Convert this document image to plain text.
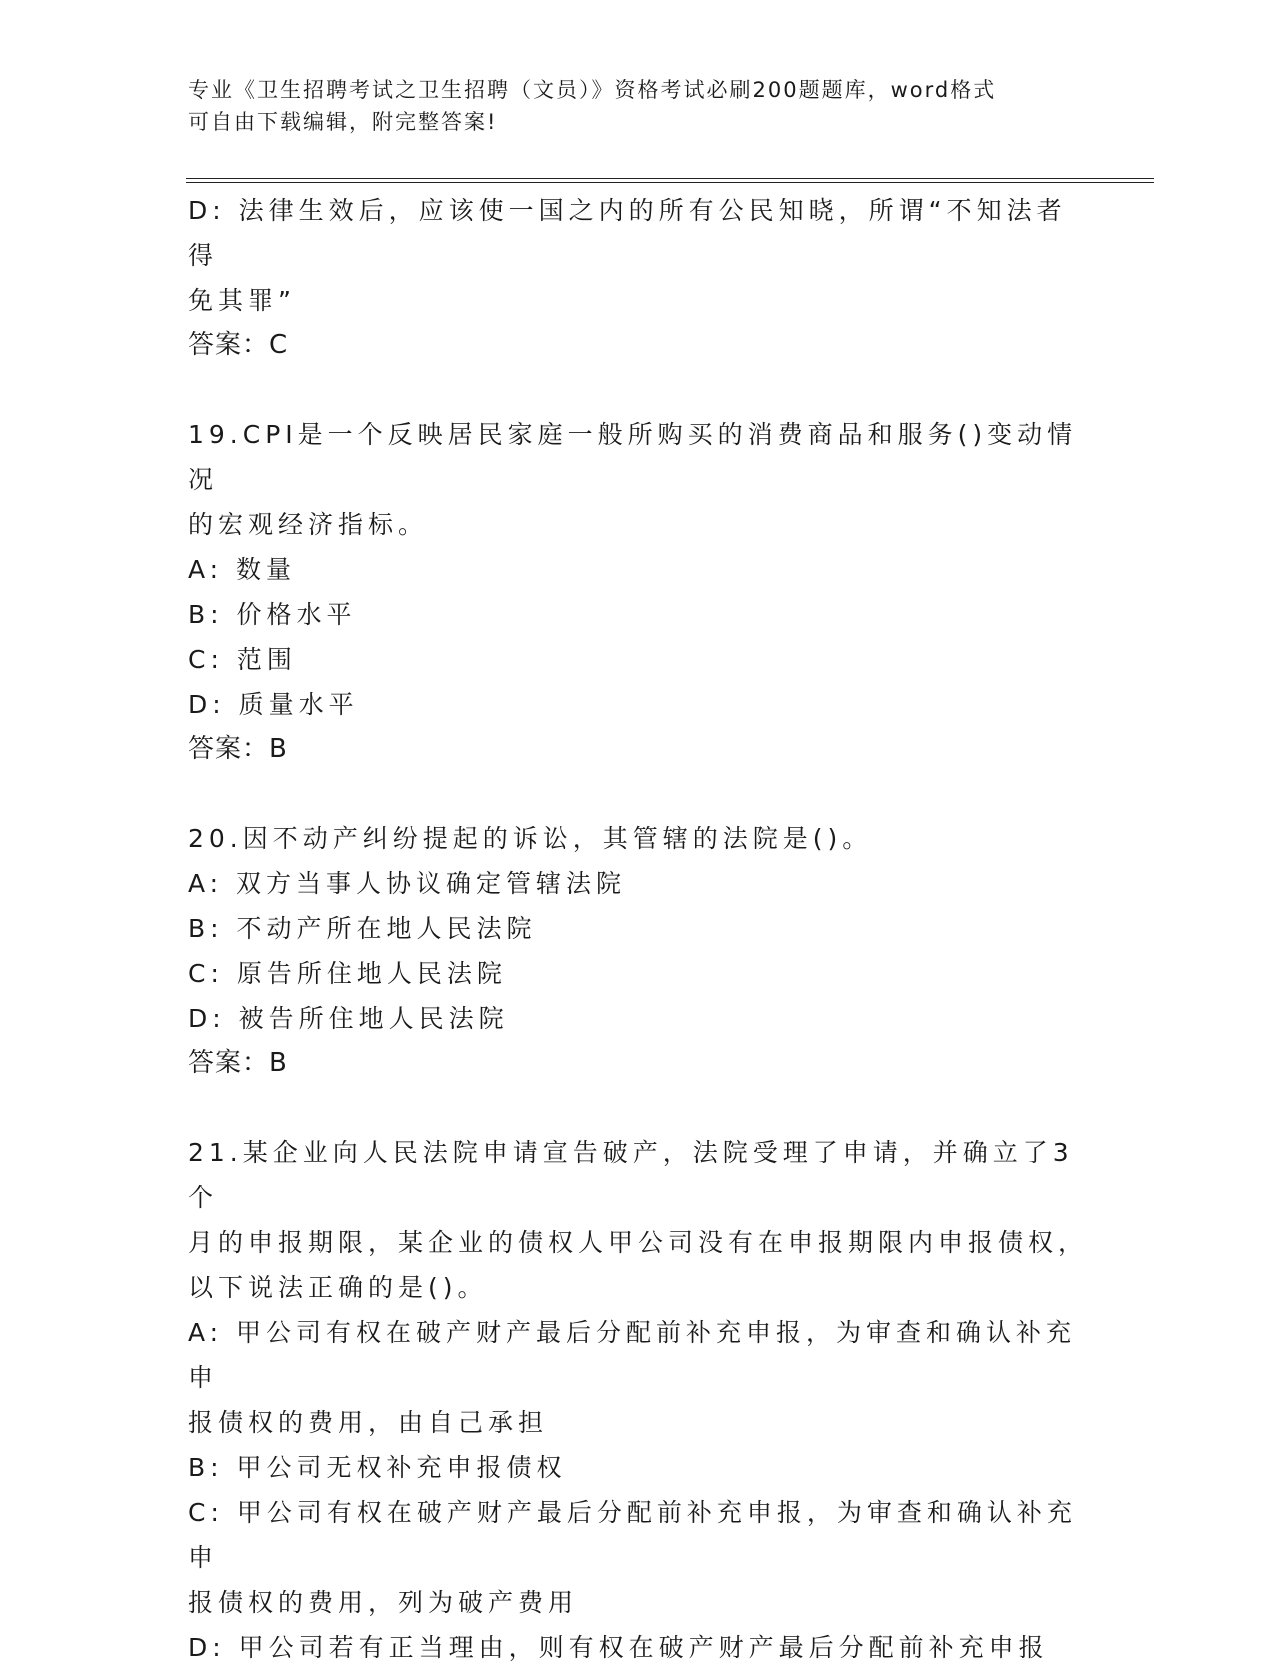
专业《卫生招聘考试之卫生招聘（文员）》资格考试必刷200题题库，word格式
可自由下载编辑，附完整答案!
D: 法律生效后，应该使一国之内的所有公民知晓，所谓“不知法者得
免其罪”
答案：C
19.CPI是一个反映居民家庭一般所购买的消费商品和服务()变动情况
的宏观经济指标。
A: 数量
B: 价格水平
C: 范围
D: 质量水平
答案：B
20.因不动产纠纷提起的诉讼，其管辖的法院是()。
A: 双方当事人协议确定管辖法院
B: 不动产所在地人民法院
C: 原告所住地人民法院
D: 被告所住地人民法院
答案：B
21.某企业向人民法院申请宣告破产，法院受理了申请，并确立了3个
月的申报期限，某企业的债权人甲公司没有在申报期限内申报债权，
以下说法正确的是()。
A: 甲公司有权在破产财产最后分配前补充申报，为审查和确认补充申
报债权的费用，由自己承担
B: 甲公司无权补充申报债权
C: 甲公司有权在破产财产最后分配前补充申报，为审查和确认补充申
报债权的费用，列为破产费用
D: 甲公司若有正当理由，则有权在破产财产最后分配前补充申报
